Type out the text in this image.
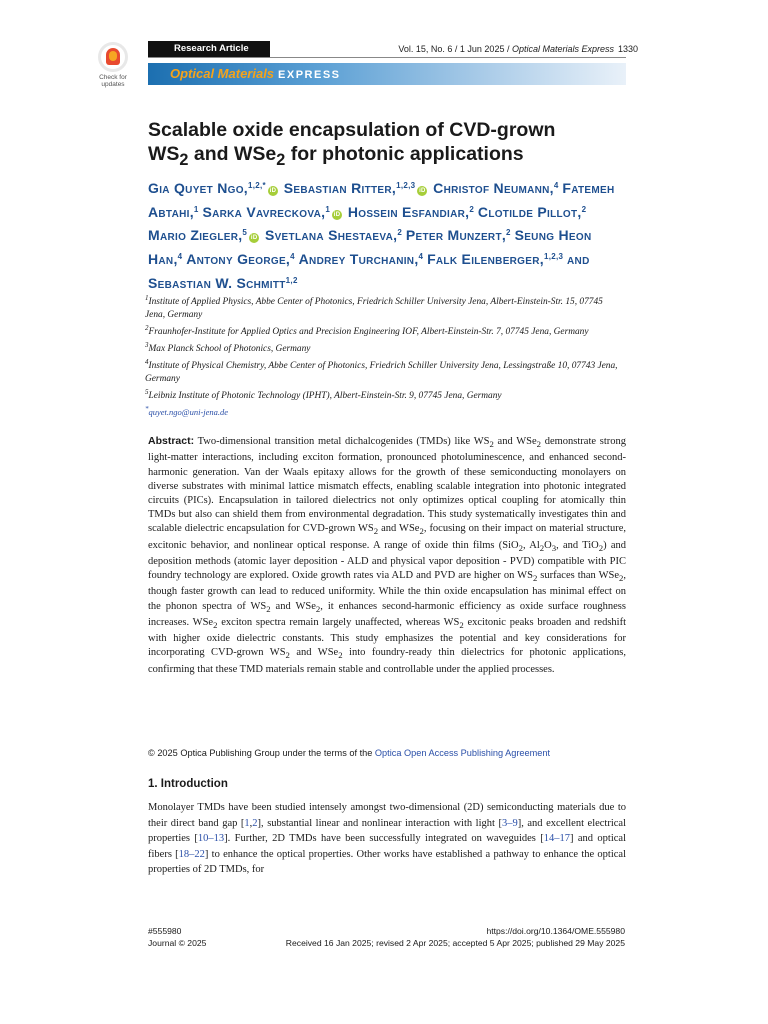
Check for
updates
Research Article	Vol. 15, No. 6 / 1 Jun 2025 / Optical Materials Express 1330
Optical Materials EXPRESS
Scalable oxide encapsulation of CVD-grown
$WS_2$ and WSe$_2$ for photonic applications
Gia Quyet Ngo,$^{1,2,*}$iD Sebastian Ritter,$^{1,2,3}$iD Christof Neumann,$^4$ Fatemeh Abtahi,$^1$ Sarka Vavreckova,$^1$iD Hossein Esfandiar,$^2$ Clotilde Pillot,$^2$ Mario Ziegler,$^5$iD Svetlana Shestaeva,$^2$ Peter Munzert,$^2$ Seung Heon Han,$^4$ Antony George,$^4$ Andrey Turchanin,$^4$ Falk Eilenberger,$^{1,2,3}$ and Sebastian W. Schmitt$^{1,2}$
$^1$Institute of Applied Physics, Abbe Center of Photonics, Friedrich Schiller University Jena, Albert-Einstein-Str. 15, 07745 Jena, Germany
$^2$Fraunhofer-Institute for Applied Optics and Precision Engineering IOF, Albert-Einstein-Str. 7, 07745 Jena, Germany
$^3$Max Planck School of Photonics, Germany
$^4$Institute of Physical Chemistry, Abbe Center of Photonics, Friedrich Schiller University Jena, Lessingstraße 10, 07743 Jena, Germany
$^5$Leibniz Institute of Photonic Technology (IPHT), Albert-Einstein-Str. 9, 07745 Jena, Germany
*quyet.ngo@uni-jena.de

Abstract: Two-dimensional transition metal dichalcogenides (TMDs) like $WS_2$ and WSe$_2$ demonstrate strong light-matter interactions, including exciton formation, pronounced photoluminescence, and enhanced second-harmonic generation. Van der Waals epitaxy allows for the growth of these semiconducting monolayers on diverse substrates with minimal lattice mismatch effects, enabling scalable integration into photonic integrated circuits (PICs). Encapsulation in tailored dielectrics not only optimizes optical coupling for atomically thin TMDs but also can shield them from environmental degradation. This study systematically investigates thin and scalable dielectric encapsulation for CVD-grown $WS_2$ and WSe$_2$, focusing on their impact on material structure, excitonic behavior, and nonlinear optical response. A range of oxide thin films (SiO$_2$, $Al_2O_3$, and TiO$_2$) and deposition methods (atomic layer deposition - ALD and physical vapor deposition - PVD) compatible with PIC foundry technology are explored. Oxide growth rates via ALD and PVD are higher on $WS_2$ surfaces than WSe$_2$, though faster growth can lead to reduced uniformity. While the thin oxide encapsulation has minimal effect on the phonon spectra of $WS_2$ and WSe$_2$, it enhances second-harmonic efficiency as oxide surface roughness increases. WSe$_2$ exciton spectra remain largely unaffected, whereas $WS_2$ excitonic peaks broaden and redshift with higher oxide dielectric constants. This study emphasizes the potential and key considerations for incorporating CVD-grown $WS_2$ and WSe$_2$ into foundry-ready thin dielectrics for photonic applications, confirming that these TMD materials remain stable and controllable under the applied processes.

© 2025 Optica Publishing Group under the terms of the Optica Open Access Publishing Agreement
1. Introduction

Monolayer TMDs have been studied intensely amongst two-dimensional (2D) semiconducting materials due to their direct band gap [1,2], substantial linear and nonlinear interaction with light [3–9], and excellent electrical properties [10–13]. Further, 2D TMDs have been successfully integrated on waveguides [14–17] and optical fibers [18–22] to enhance the optical properties. Other works have established a pathway to enhance the optical properties of 2D TMDs, for

#555980
Journal © 2025
https://doi.org/10.1364/OME.555980
Received 16 Jan 2025; revised 2 Apr 2025; accepted 5 Apr 2025; published 29 May 2025
